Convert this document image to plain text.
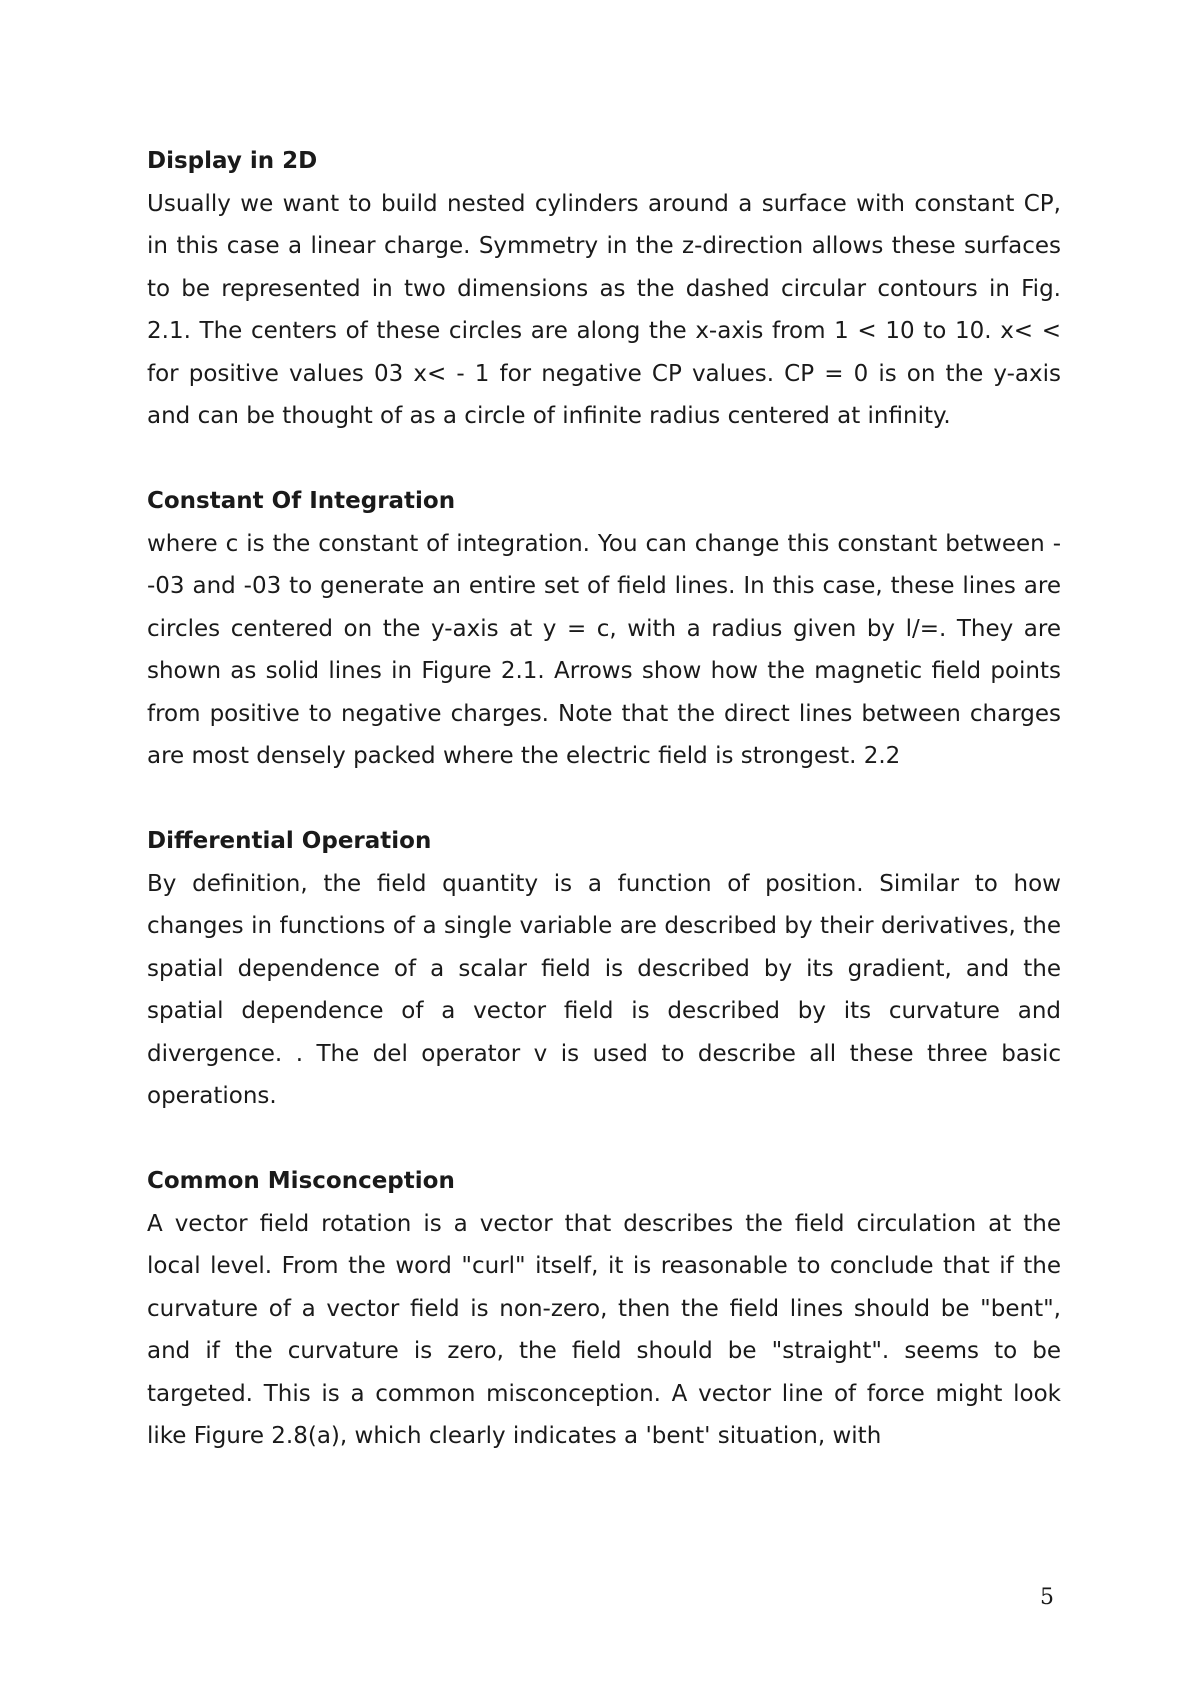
Display in 2D

Usually we want to build nested cylinders around a surface with constant CP, in this case a linear charge. Symmetry in the z-direction allows these surfaces to be represented in two dimensions as the dashed circular contours in Fig. 2.1. The centers of these circles are along the x-axis from 1 < 10 to 10. x< < for positive values 03 x< - 1 for negative CP values. CP = 0 is on the y-axis and can be thought of as a circle of infinite radius centered at infinity.

Constant Of Integration

where c is the constant of integration. You can change this constant between --03 and -03 to generate an entire set of field lines. In this case, these lines are circles centered on the y-axis at y = c, with a radius given by l/=. They are shown as solid lines in Figure 2.1. Arrows show how the magnetic field points from positive to negative charges. Note that the direct lines between charges are most densely packed where the electric field is strongest. 2.2

Differential Operation

By definition, the field quantity is a function of position. Similar to how changes in functions of a single variable are described by their derivatives, the spatial dependence of a scalar field is described by its gradient, and the spatial dependence of a vector field is described by its curvature and divergence. . The del operator v is used to describe all these three basic operations.

Common Misconception

A vector field rotation is a vector that describes the field circulation at the local level. From the word "curl" itself, it is reasonable to conclude that if the curvature of a vector field is non-zero, then the field lines should be "bent", and if the curvature is zero, the field should be "straight". seems to be targeted. This is a common misconception. A vector line of force might look like Figure 2.8(a), which clearly indicates a 'bent' situation, with

5
